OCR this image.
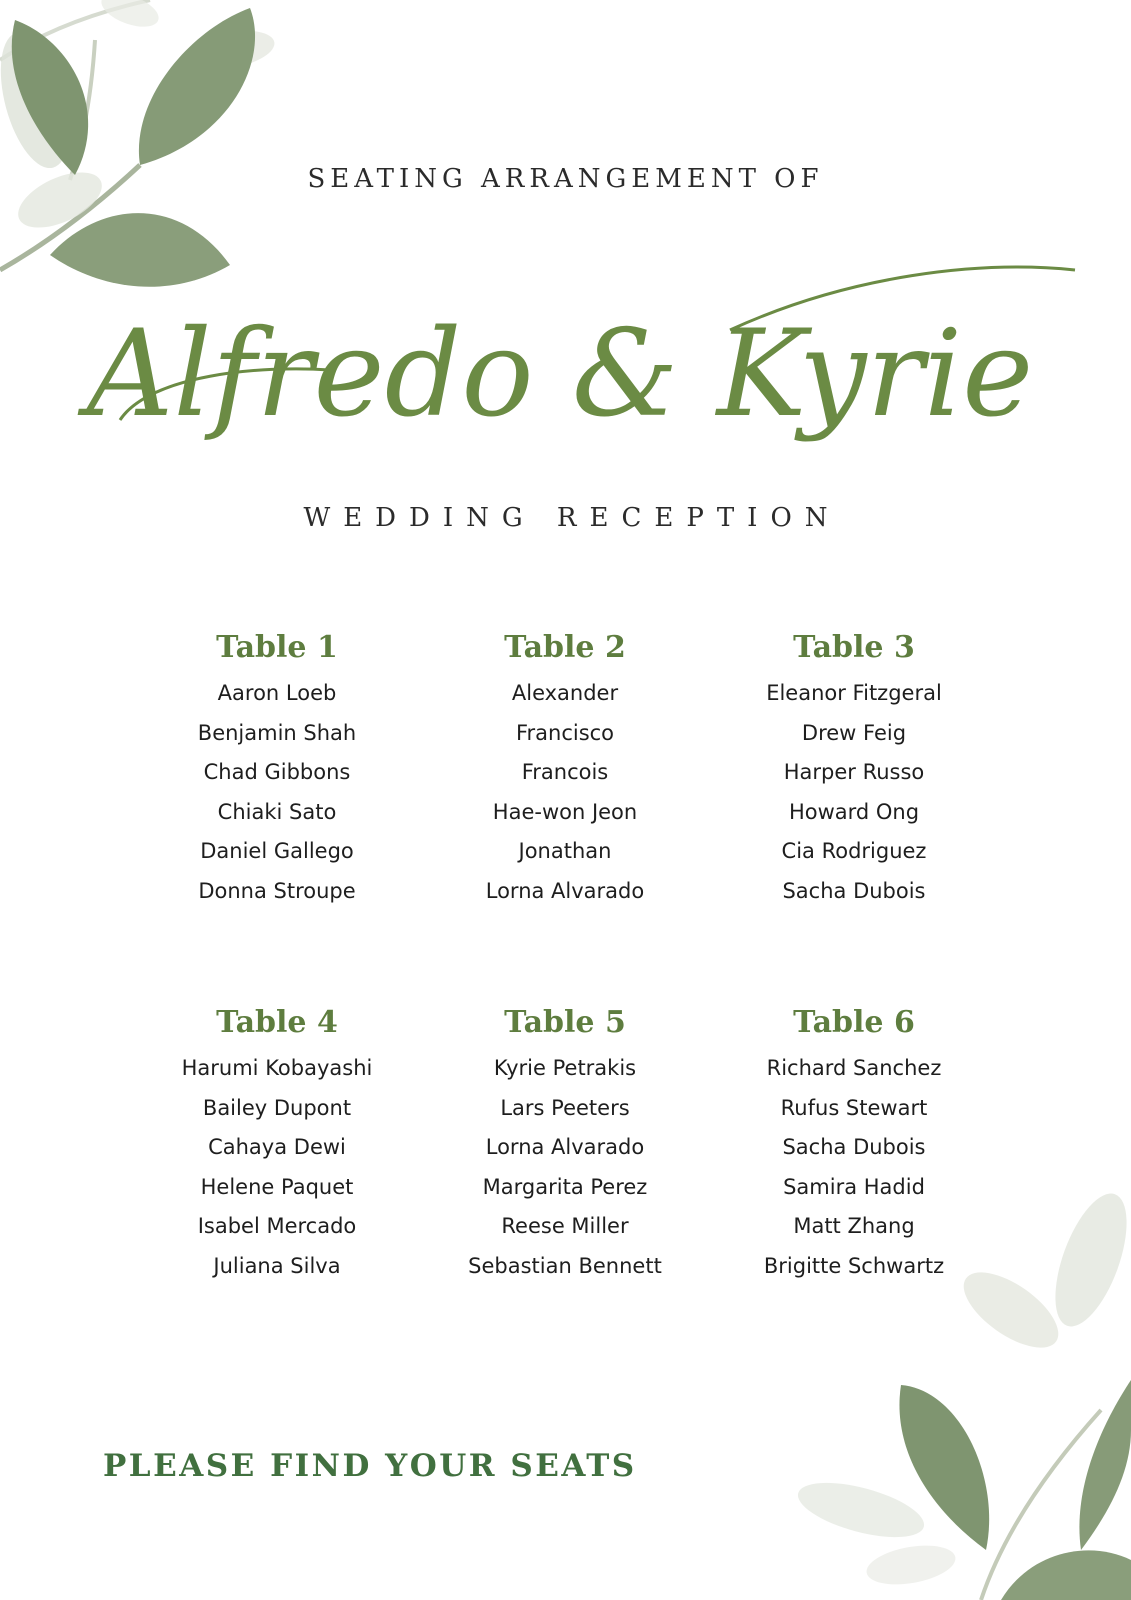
SEATING ARRANGEMENT OF
Alfredo & Kyrie
WEDDING RECEPTION
Table 1
Aaron Loeb
Benjamin Shah
Chad Gibbons
Chiaki Sato
Daniel Gallego
Donna Stroupe
Table 2
Alexander
Francisco
Francois
Hae-won Jeon
Jonathan
Lorna Alvarado
Table 3
Eleanor Fitzgeral
Drew Feig
Harper Russo
Howard Ong
Cia Rodriguez
Sacha Dubois
Table 4
Harumi Kobayashi
Bailey Dupont
Cahaya Dewi
Helene Paquet
Isabel Mercado
Juliana Silva
Table 5
Kyrie Petrakis
Lars Peeters
Lorna Alvarado
Margarita Perez
Reese Miller
Sebastian Bennett
Table 6
Richard Sanchez
Rufus Stewart
Sacha Dubois
Samira Hadid
Matt Zhang
Brigitte Schwartz
PLEASE FIND YOUR SEATS
